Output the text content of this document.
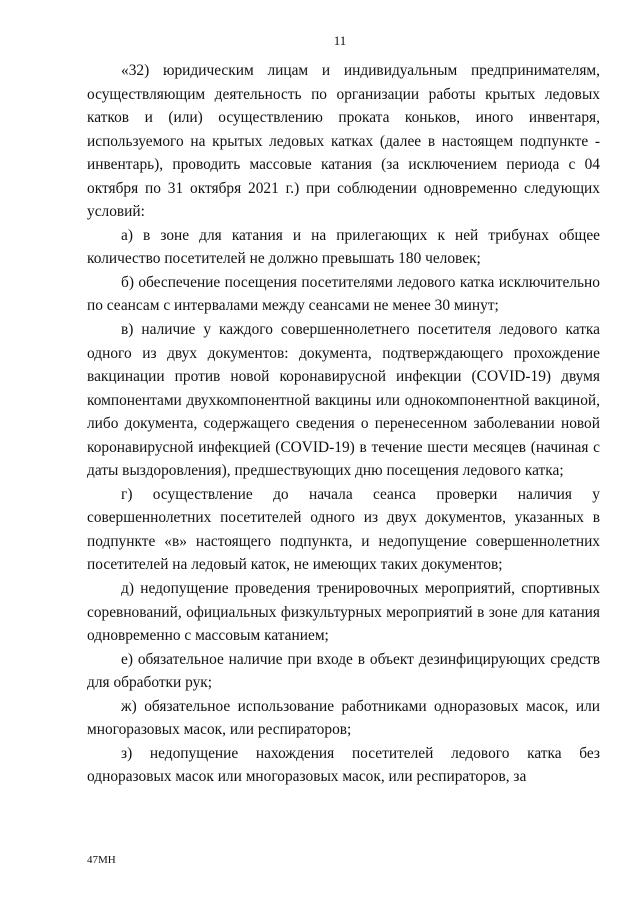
11

«32) юридическим лицам и индивидуальным предпринимателям, осуществляющим деятельность по организации работы крытых ледовых катков и (или) осуществлению проката коньков, иного инвентаря, используемого на крытых ледовых катках (далее в настоящем подпункте - инвентарь), проводить массовые катания (за исключением периода с 04 октября по 31 октября 2021 г.) при соблюдении одновременно следующих условий:

а) в зоне для катания и на прилегающих к ней трибунах общее количество посетителей не должно превышать 180 человек;

б) обеспечение посещения посетителями ледового катка исключительно по сеансам с интервалами между сеансами не менее 30 минут;

в) наличие у каждого совершеннолетнего посетителя ледового катка одного из двух документов: документа, подтверждающего прохождение вакцинации против новой коронавирусной инфекции (COVID-19) двумя компонентами двухкомпонентной вакцины или однокомпонентной вакциной, либо документа, содержащего сведения о перенесенном заболевании новой коронавирусной инфекцией (COVID-19) в течение шести месяцев (начиная с даты выздоровления), предшествующих дню посещения ледового катка;

г) осуществление до начала сеанса проверки наличия у совершеннолетних посетителей одного из двух документов, указанных в подпункте «в» настоящего подпункта, и недопущение совершеннолетних посетителей на ледовый каток, не имеющих таких документов;

д) недопущение проведения тренировочных мероприятий, спортивных соревнований, официальных физкультурных мероприятий в зоне для катания одновременно с массовым катанием;

е) обязательное наличие при входе в объект дезинфицирующих средств для обработки рук;

ж) обязательное использование работниками одноразовых масок, или многоразовых масок, или респираторов;

з) недопущение нахождения посетителей ледового катка без одноразовых масок или многоразовых масок, или респираторов, за

47MH
